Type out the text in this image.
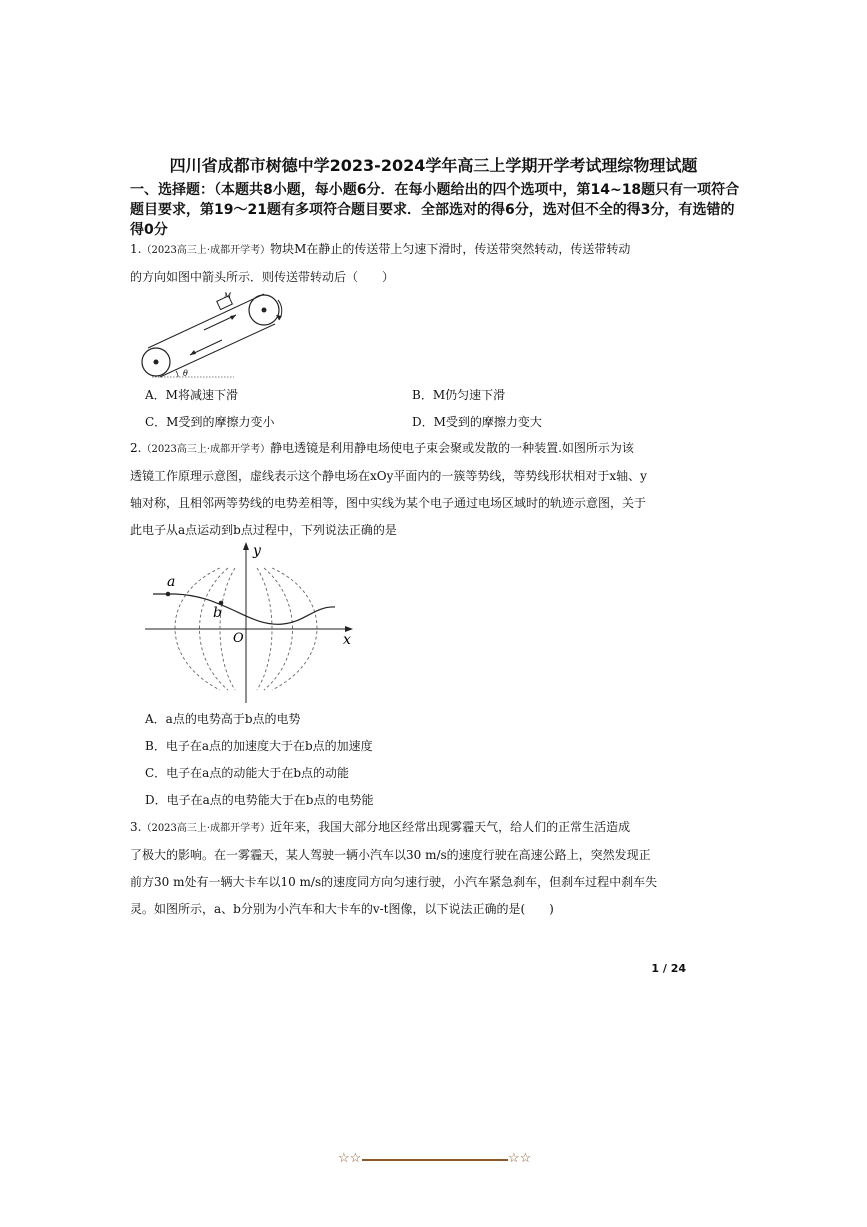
四川省成都市树德中学2023-2024学年高三上学期开学考试理综物理试题
一、选择题：（本题共8小题，每小题6分．在每小题给出的四个选项中，第14~18题只有一项符合题目要求，第19～21题有多项符合题目要求．全部选对的得6分，选对但不全的得3分，有选错的得0分
1.（2023高三上·成都开学考）物块M在静止的传送带上匀速下滑时，传送带突然转动，传送带转动
的方向如图中箭头所示．则传送带转动后（　　）
M
θ
A．M将减速下滑	B．M仍匀速下滑
C．M受到的摩擦力变小	D．M受到的摩擦力变大
2.（2023高三上·成都开学考）静电透镜是利用静电场使电子束会聚或发散的一种装置.如图所示为该
透镜工作原理示意图，虚线表示这个静电场在xOy平面内的一簇等势线，等势线形状相对于x轴、y
轴对称，且相邻两等势线的电势差相等，图中实线为某个电子通过电场区域时的轨迹示意图，关于
此电子从a点运动到b点过程中，下列说法正确的是
y
x
O
a
b
A．a点的电势高于b点的电势
B．电子在a点的加速度大于在b点的加速度
C．电子在a点的动能大于在b点的动能
D．电子在a点的电势能大于在b点的电势能
3.（2023高三上·成都开学考）近年来，我国大部分地区经常出现雾霾天气，给人们的正常生活造成
了极大的影响。在一雾霾天，某人驾驶一辆小汽车以30 m/s的速度行驶在高速公路上，突然发现正
前方30 m处有一辆大卡车以10 m/s的速度同方向匀速行驶，小汽车紧急刹车，但刹车过程中刹车失
灵。如图所示，a、b分别为小汽车和大卡车的v-t图像，以下说法正确的是(　　)
1 / 24
☆☆	☆☆
